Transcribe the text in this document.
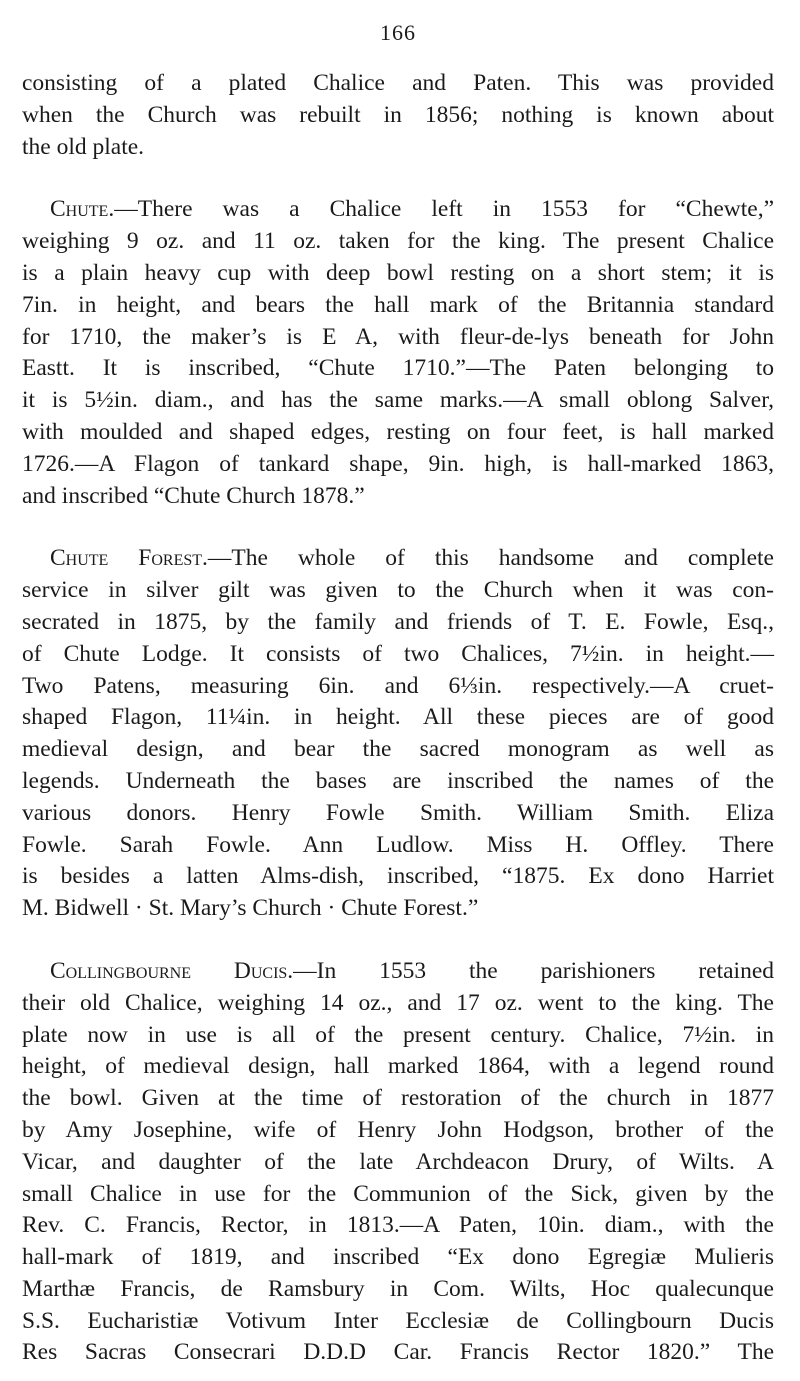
166
consisting of a plated Chalice and Paten. This was provided
when the Church was rebuilt in 1856; nothing is known about
the old plate.
Chute.—There was a Chalice left in 1553 for “Chewte,”
weighing 9 oz. and 11 oz. taken for the king. The present Chalice
is a plain heavy cup with deep bowl resting on a short stem; it is
7in. in height, and bears the hall mark of the Britannia standard
for 1710, the maker’s is E A, with fleur-de-lys beneath for John
Eastt. It is inscribed, “Chute 1710.”—The Paten belonging to
it is 5½in. diam., and has the same marks.—A small oblong Salver,
with moulded and shaped edges, resting on four feet, is hall marked
1726.—A Flagon of tankard shape, 9in. high, is hall-marked 1863,
and inscribed “Chute Church 1878.”
Chute Forest.—The whole of this handsome and complete
service in silver gilt was given to the Church when it was con-
secrated in 1875, by the family and friends of T. E. Fowle, Esq.,
of Chute Lodge. It consists of two Chalices, 7½in. in height.—
Two Patens, measuring 6in. and 6⅓in. respectively.—A cruet-
shaped Flagon, 11¼in. in height. All these pieces are of good
medieval design, and bear the sacred monogram as well as
legends. Underneath the bases are inscribed the names of the
various donors. Henry Fowle Smith. William Smith. Eliza
Fowle. Sarah Fowle. Ann Ludlow. Miss H. Offley. There
is besides a latten Alms-dish, inscribed, “1875. Ex dono Harriet
M. Bidwell · St. Mary’s Church · Chute Forest.”
Collingbourne Ducis.—In 1553 the parishioners retained
their old Chalice, weighing 14 oz., and 17 oz. went to the king. The
plate now in use is all of the present century. Chalice, 7½in. in
height, of medieval design, hall marked 1864, with a legend round
the bowl. Given at the time of restoration of the church in 1877
by Amy Josephine, wife of Henry John Hodgson, brother of the
Vicar, and daughter of the late Archdeacon Drury, of Wilts. A
small Chalice in use for the Communion of the Sick, given by the
Rev. C. Francis, Rector, in 1813.—A Paten, 10in. diam., with the
hall-mark of 1819, and inscribed “Ex dono Egregiæ Mulieris
Marthæ Francis, de Ramsbury in Com. Wilts, Hoc qualecunque
S.S. Eucharistiæ Votivum Inter Ecclesiæ de Collingbourn Ducis
Res Sacras Consecrari D.D.D Car. Francis Rector 1820.” The
